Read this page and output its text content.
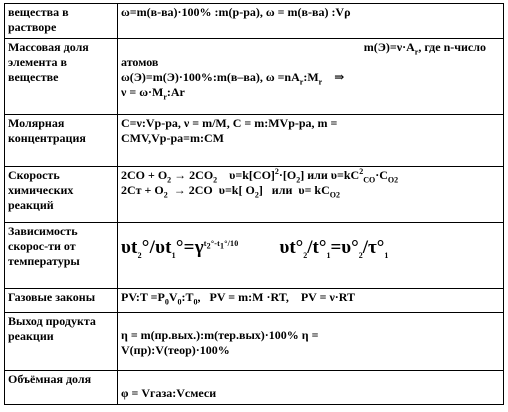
вещества в растворе	ω=m(в-ва)·100% :m(р-ра), ω = m(в-ва) :Vρ

Массовая доля элемента в веществе	$m(Э)=\nu\cdot A_r$, где n-число
атомов
ω(Э)=m(Э)·100%:m(в–ва), $\omega =nA_r:M_r$    ⇒
$\nu = \omega\cdot M_r:Ar$

Молярная концентрация	C=ν:Vр-ра, ν = m/M, C = m:MVр-ра, m =
CMV,Vр-ра=m:CM

Скорость химических реакций	$2CO + O_2 \to 2CO_2$    $\upsilon=k[CO]^2\cdot[O_2]$ или $\upsilon=kC^2_{CO}\cdot C_{O2}$
$2Cт + O_2 \to 2CO$  υ=k[ $O_2$]   или  $\upsilon= kC_{O2}$

Зависимость скорос-ти от температуры	$\upsilon t_2^\circ/\upsilon t_1^\circ=\gamma^{t_2^\circ-t_1^\circ/10}$ $\upsilon t^\circ_2/t^\circ_1=\upsilon^\circ_2/\tau^\circ_1$

Газовые законы	PV:T $=P_0V_0:T_0$,   PV = m:M ·RT,    PV = ν·RT

Выход продукта реакции	η = m(пр.вых.):m(тер.вых)·100% η =
V(пр):V(теор)·100%

Объёмная доля	φ = Vгаза:Vсмеси
